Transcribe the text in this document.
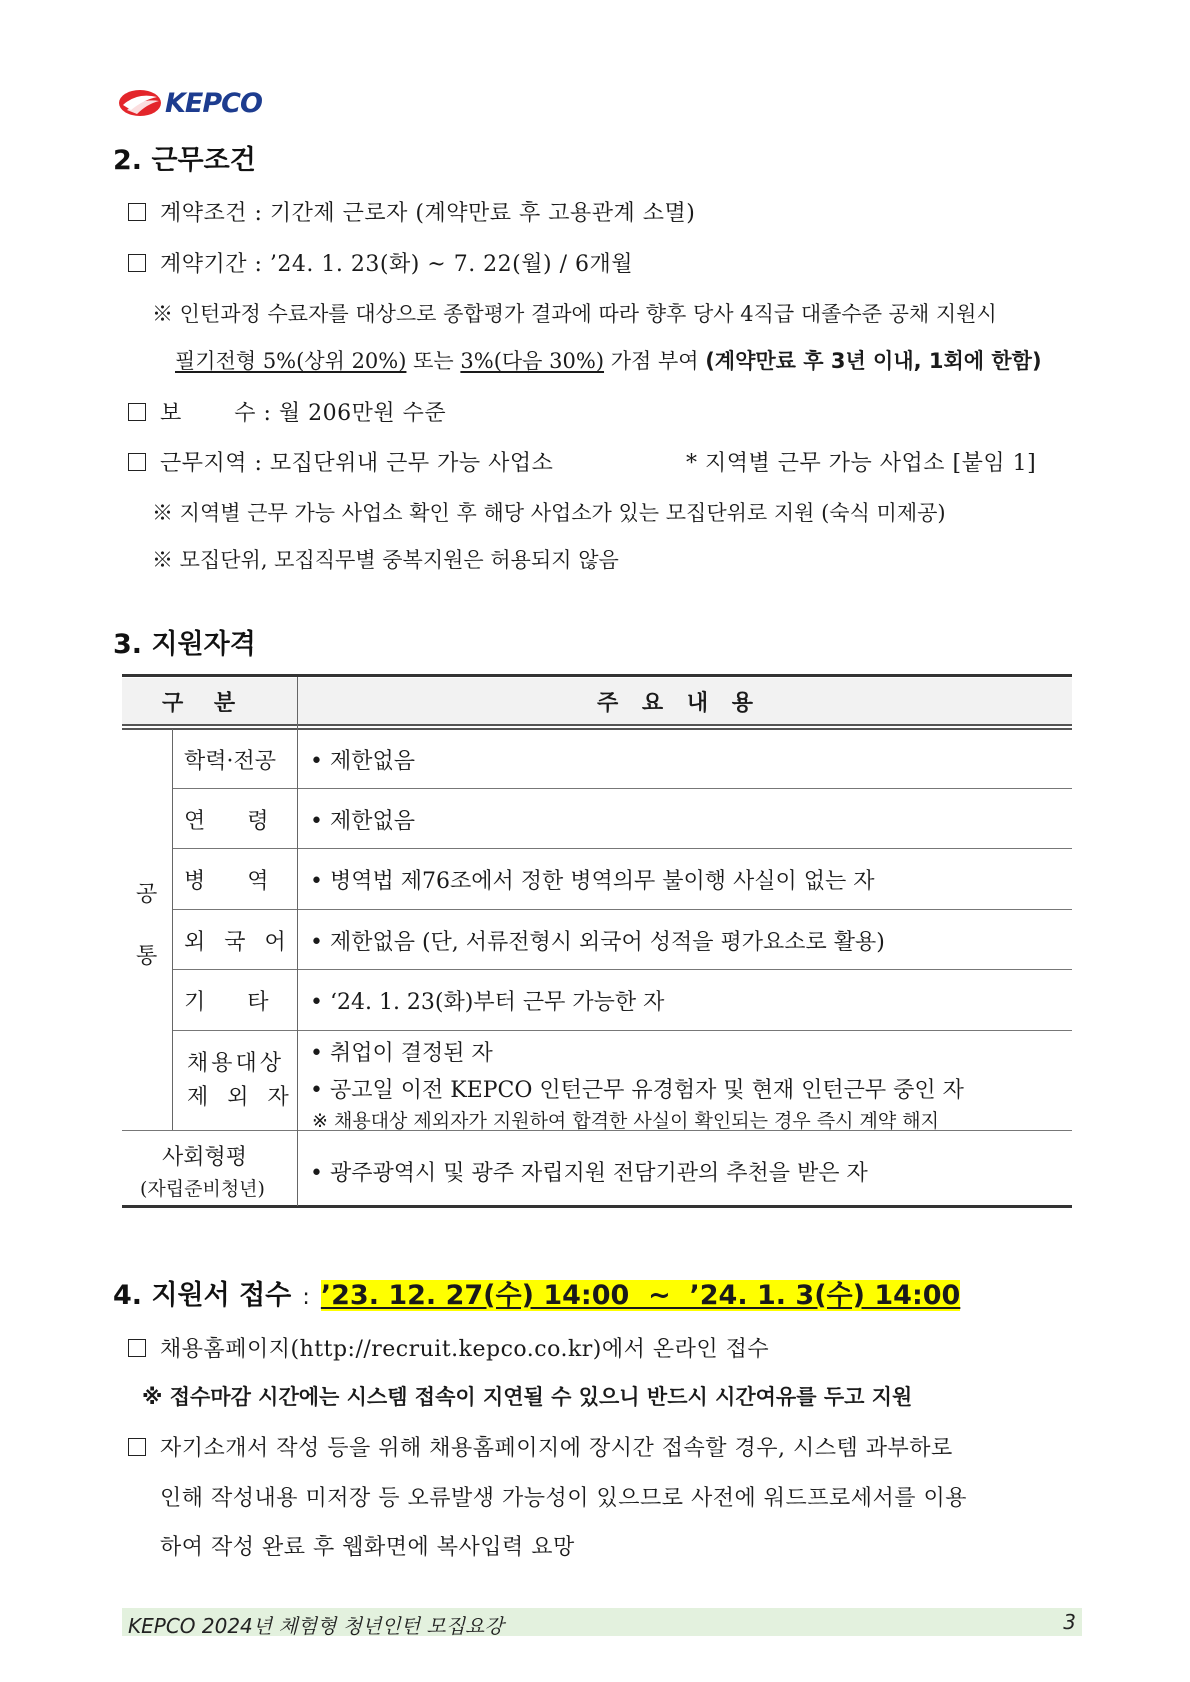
KEPCO
2. 근무조건
계약조건 : 기간제 근로자 (계약만료 후 고용관계 소멸)
계약기간 : ’24. 1. 23(화) ~ 7. 22(월) / 6개월
※ 인턴과정 수료자를 대상으로 종합평가 결과에 따라 향후 당사 4직급 대졸수준 공채 지원시
필기전형 5%(상위 20%) 또는 3%(다음 30%) 가점 부여 (계약만료 후 3년 이내, 1회에 한함)
보       수 : 월 206만원 수준
근무지역 : 모집단위내 근무 가능 사업소	* 지역별 근무 가능 사업소 [붙임 1]
※ 지역별 근무 가능 사업소 확인 후 해당 사업소가 있는 모집단위로 지원 (숙식 미제공)
※ 모집단위, 모집직무별 중복지원은 허용되지 않음
3. 지원자격
구    분	주 요 내 용
공
통
학력·전공 • 제한없음
연      령 • 제한없음
병      역 • 병역법 제76조에서 정한 병역의무 불이행 사실이 없는 자
외 국 어 • 제한없음 (단, 서류전형시 외국어 성적을 평가요소로 활용)
기      타 • ‘24. 1. 23(화)부터 근무 가능한 자
채용대상
제 외 자
• 취업이 결정된 자
• 공고일 이전 KEPCO 인턴근무 유경험자 및 현재 인턴근무 중인 자
※ 채용대상 제외자가 지원하여 합격한 사실이 확인되는 경우 즉시 계약 해지
사회형평
(자립준비청년)
• 광주광역시 및 광주 자립지원 전담기관의 추천을 받은 자
4. 지원서 접수 : ’23. 12. 27(수) 14:00  ~  ’24. 1. 3(수) 14:00
채용홈페이지(http://recruit.kepco.co.kr)에서 온라인 접수
※ 접수마감 시간에는 시스템 접속이 지연될 수 있으니 반드시 시간여유를 두고 지원
자기소개서 작성 등을 위해 채용홈페이지에 장시간 접속할 경우, 시스템 과부하로
인해 작성내용 미저장 등 오류발생 가능성이 있으므로 사전에 워드프로세서를 이용
하여 작성 완료 후 웹화면에 복사입력 요망
KEPCO 2024년 체험형 청년인턴 모집요강	3
